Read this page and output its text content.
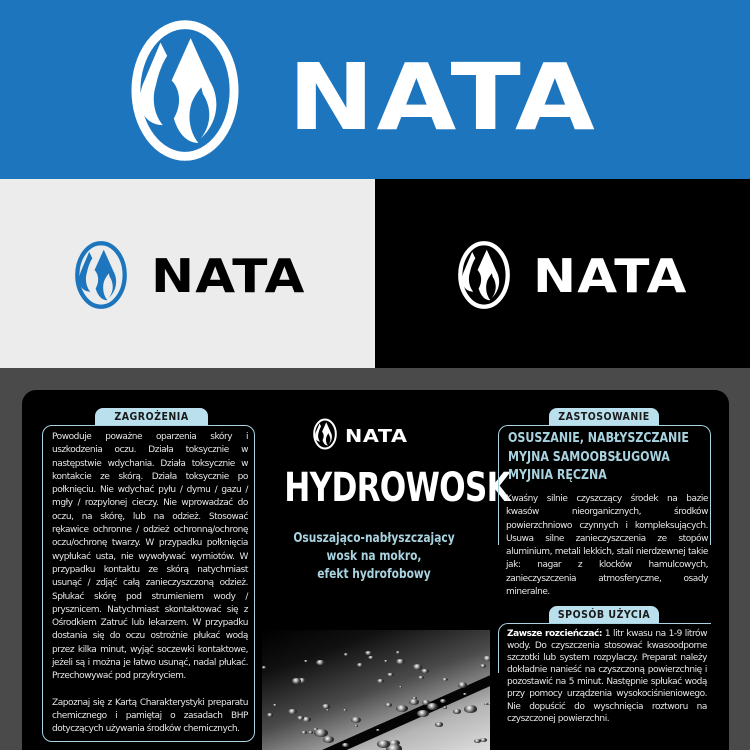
NATA
NATA	NATA
ZAGROŻENIA

Powoduje poważne oparzenia skóry i uszkodzenia oczu. Działa toksycznie w następstwie wdychania. Działa toksycznie w kontakcie ze skórą. Działa toksycznie po połknięciu. Nie wdychać pyłu / dymu / gazu / mgły / rozpylonej cieczy. Nie wprowadzać do oczu, na skórę, lub na odzież. Stosować rękawice ochronne / odzież ochronną/ochronę oczu/ochronę twarzy. W przypadku połknięcia wypłukać usta, nie wywoływać wymiotów. W przypadku kontaktu ze skórą natychmiast usunąć / zdjąć całą zanieczyszczoną odzież. Spłukać skórę pod strumieniem wody / prysznicem. Natychmiast skontaktować się z Ośrodkiem Zatruć lub lekarzem. W przypadku dostania się do oczu ostrożnie płukać wodą przez kilka minut, wyjąć soczewki kontaktowe, jeżeli są i można je łatwo usunąć, nadal płukać. Przechowywać pod przykryciem.

Zapoznaj się z Kartą Charakterystyki preparatu chemicznego i pamiętaj o zasadach BHP dotyczących używania środków chemicznych.

NATA
HYDROWOSK
Osuszająco-nabłyszczający
wosk na mokro,
efekt hydrofobowy
ZASTOSOWANIE
OSUSZANIE, NABŁYSZCZANIE
MYJNA SAMOOBSŁUGOWA
MYJNIA RĘCZNA
Kwaśny silnie czyszczący środek na bazie kwasów nieorganicznych, środków powierzchniowo czynnych i kompleksujących. Usuwa silne zanieczyszczenia ze stopów aluminium, metali lekkich, stali nierdzewnej takie jak: nagar z klocków hamulcowych, zanieczyszczenia atmosferyczne, osady mineralne.
SPOSÓB UŻYCIA
Zawsze rozcieńczać: 1 litr kwasu na 1-9 litrów wody. Do czyszczenia stosować kwasoodporne szczotki lub system rozpylaczy. Preparat należy dokładnie nanieść na czyszczoną powierzchnię i pozostawić na 5 minut. Następnie spłukać wodą przy pomocy urządzenia wysokociśnieniowego. Nie dopuścić do wyschnięcia roztworu na czyszczonej powierzchni.
